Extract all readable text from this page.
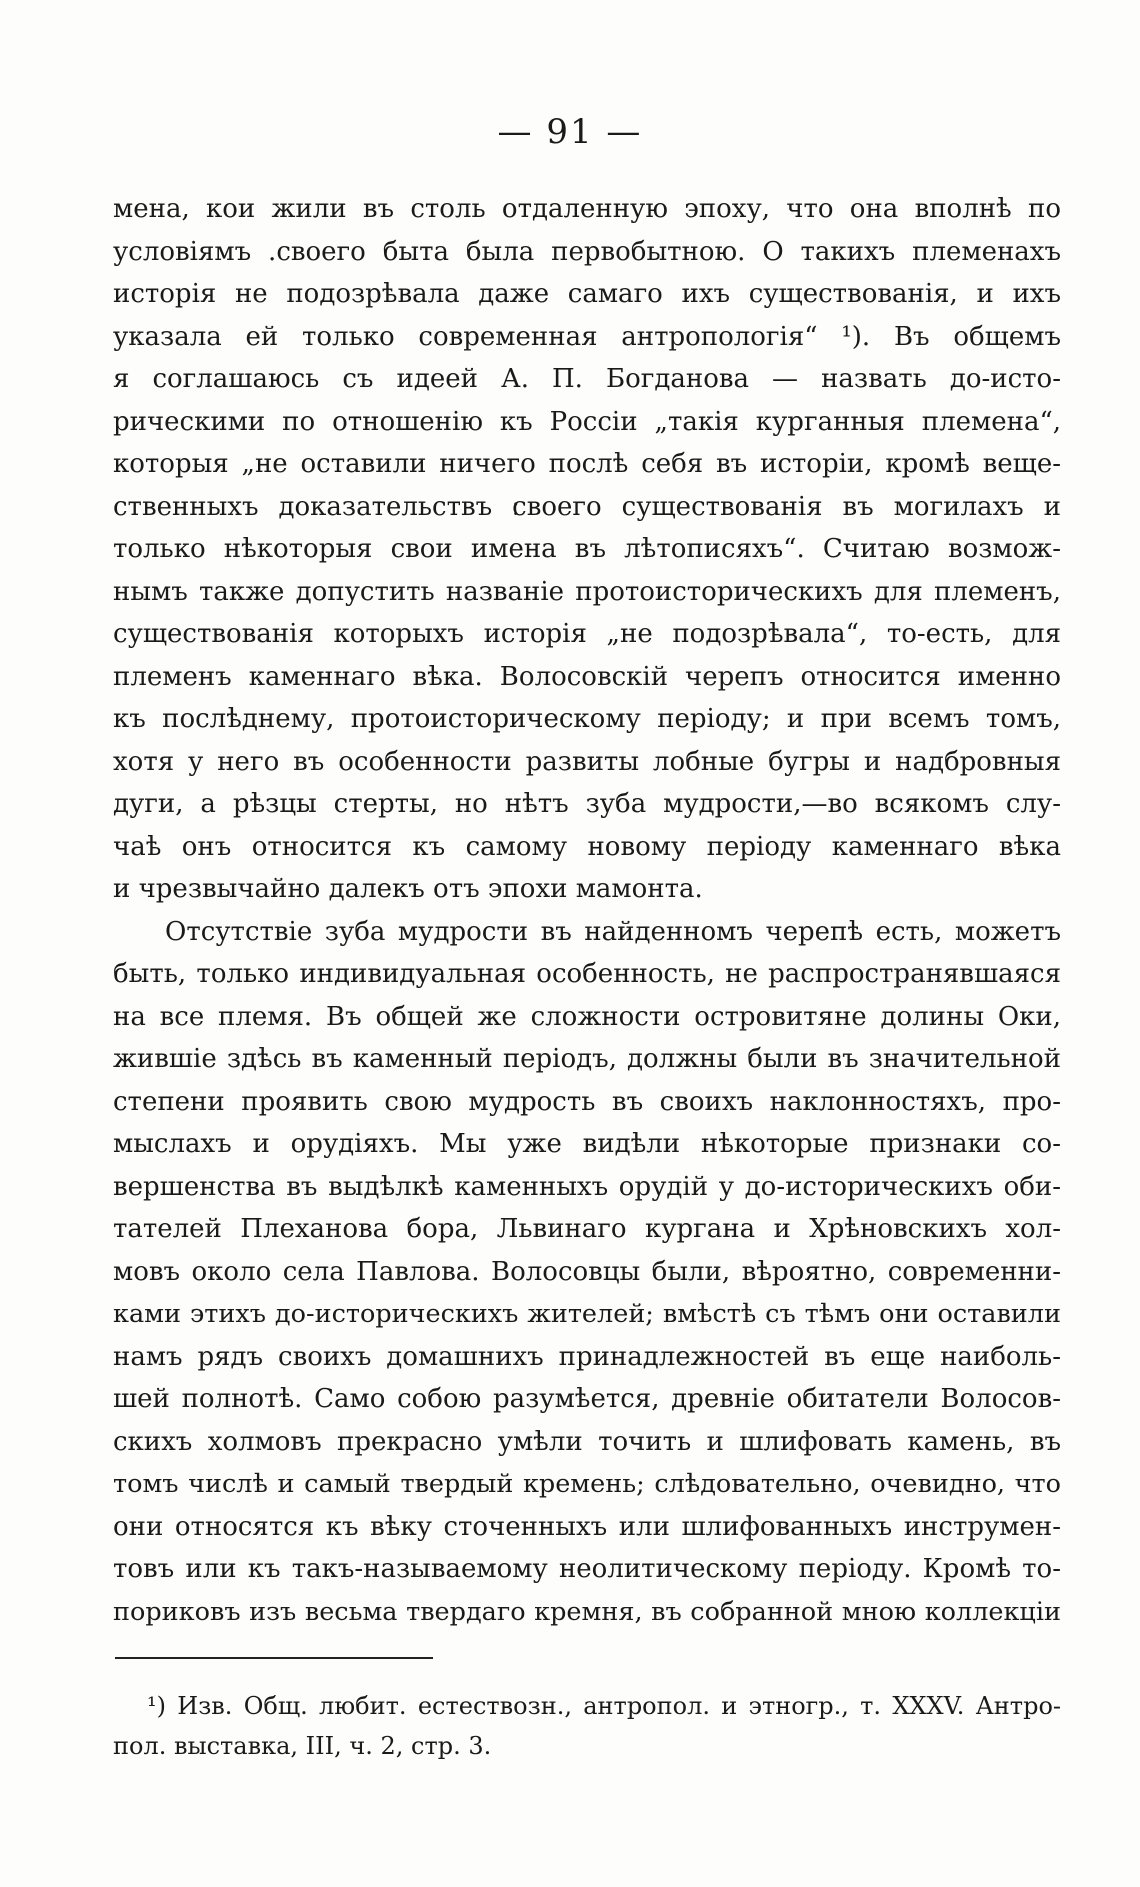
— 91 —
мена, кои жили въ столь отдаленную эпоху, что она вполнѣ по
условіямъ .своего быта была первобытною. О такихъ племенахъ
исторія не подозрѣвала даже самаго ихъ существованія, и ихъ
указала ей только современная антропологія“ ¹). Въ общемъ
я соглашаюсь съ идеей А. П. Богданова — назвать до-исто-
рическими по отношенію къ Россіи „такія курганныя племена“,
которыя „не оставили ничего послѣ себя въ исторіи, кромѣ веще-
ственныхъ доказательствъ ׃своего существованія въ могилахъ и
только нѣкоторыя свои имена въ лѣтописяхъ“. Считаю возмож-
нымъ также допустить названіе протоисторическихъ для племенъ,
существованія которыхъ исторія „не подозрѣвала“, то-есть, для
племенъ каменнаго вѣка. Волосовскій черепъ относится именно
къ послѣднему, протоисторическому періоду; и при всемъ томъ,
хотя у него въ особенности развиты лобные бугры и надбровныя
дуги, а рѣзцы стерты, но нѣтъ зуба мудрости,—во всякомъ слу-
чаѣ онъ относится къ самому новому періоду каменнаго вѣка
и чрезвычайно далекъ отъ эпохи мамонта.
Отсутствіе зуба мудрости въ найденномъ черепѣ есть, можетъ
быть, только индивидуальная особенность, не распространявшаяся
на все племя. Въ общей же сложности островитяне долины Оки,
жившіе здѣсь въ каменный періодъ, должны были въ значительной
степени проявить свою мудрость въ своихъ наклонностяхъ, про-
мыслахъ и орудіяхъ. Мы уже видѣли нѣкоторые признаки со-
вершенства въ выдѣлкѣ каменныхъ орудій у до-историческихъ оби-
тателей Плеханова бора, Львинаго кургана и Хрѣновскихъ хол-
мовъ около села Павлова. Волосовцы были, вѣроятно, современни-
ками этихъ до-историческихъ жителей; вмѣстѣ съ тѣмъ они оставили
намъ рядъ своихъ домашнихъ принадлежностей въ еще наиболь-
шей полнотѣ. Само собою разумѣется, древніе обитатели Волосов-
скихъ холмовъ прекрасно умѣли точить и шлифовать камень, въ
томъ числѣ и самый твердый кремень; слѣдовательно, очевидно, что
они относятся къ вѣку сточенныхъ или шлифованныхъ инструмен-
товъ или къ такъ-называемому неолитическому періоду. Кромѣ то-
пориковъ изъ весьма твердаго кремня, въ собранной мною коллекціи
¹) Изв. Общ. любит. естествозн., антропол. и этногр., т. XXXV. Антро-
пол. выставка, III, ч. 2, стр. 3.
